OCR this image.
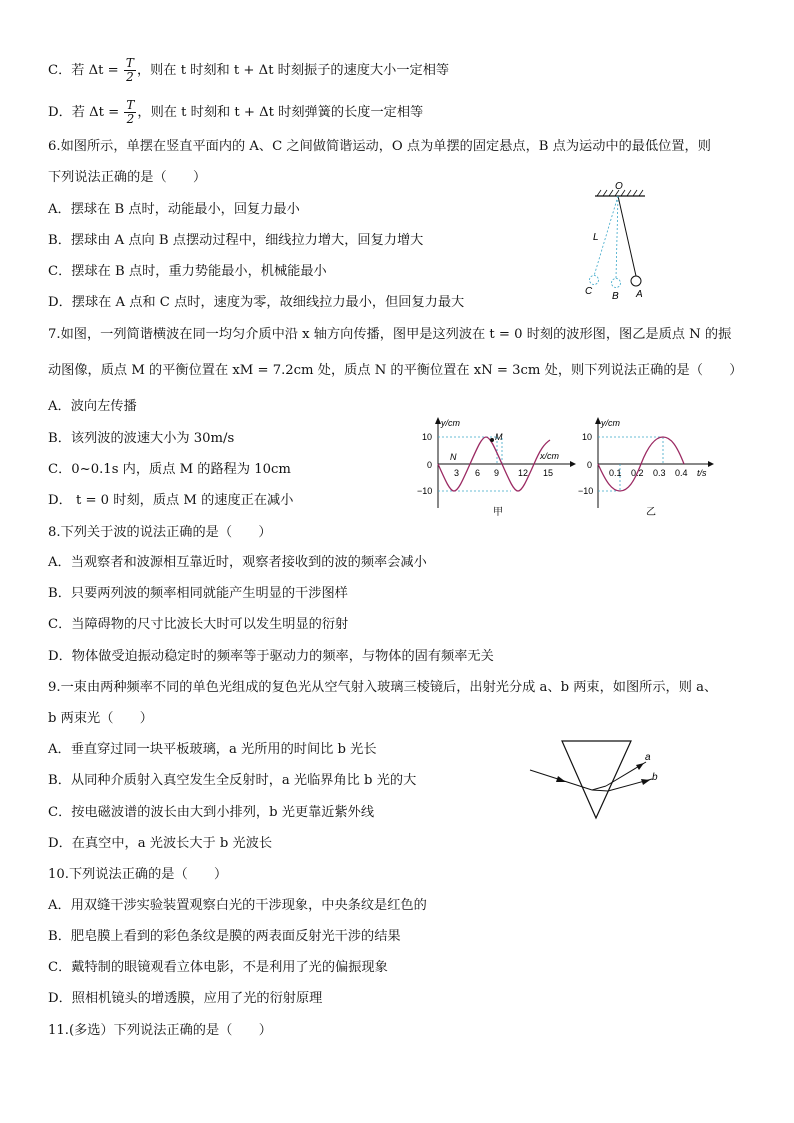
C．若 $\Delta t = \frac{T}{2}$ ，则在 t 时刻和 t + Δt 时刻振子的速度大小一定相等
D．若 $\Delta t = \frac{T}{2}$ ，则在 t 时刻和 t + Δt 时刻弹簧的长度一定相等
6.如图所示，单摆在竖直平面内的 A、C 之间做简谐运动，O 点为单摆的固定悬点，B 点为运动中的最低位置，则
下列说法正确的是（　　）
A．摆球在 B 点时，动能最小，回复力最小
B．摆球由 A 点向 B 点摆动过程中，细线拉力增大，回复力增大
C．摆球在 B 点时，重力势能最小，机械能最小
D．摆球在 A 点和 C 点时，速度为零，故细线拉力最小，但回复力最大
7.如图，一列简谐横波在同一均匀介质中沿 x 轴方向传播，图甲是这列波在 t = 0 时刻的波形图，图乙是质点 N 的振
动图像，质点 M 的平衡位置在 xM = 7.2cm 处，质点 N 的平衡位置在 xN = 3cm 处，则下列说法正确的是（　　）
A．波向左传播
B．该列波的波速大小为 30m/s
C．0~0.1s 内，质点 M 的路程为 10cm
D． t = 0 时刻，质点 M 的速度正在减小
8.下列关于波的说法正确的是（　　）
A．当观察者和波源相互靠近时，观察者接收到的波的频率会减小
B．只要两列波的频率相同就能产生明显的干涉图样
C．当障碍物的尺寸比波长大时可以发生明显的衍射
D．物体做受迫振动稳定时的频率等于驱动力的频率，与物体的固有频率无关
9.一束由两种频率不同的单色光组成的复色光从空气射入玻璃三棱镜后，出射光分成 a、b 两束，如图所示，则 a、
b 两束光（　　）
A．垂直穿过同一块平板玻璃，a 光所用的时间比 b 光长
B．从同种介质射入真空发生全反射时，a 光临界角比 b 光的大
C．按电磁波谱的波长由大到小排列，b 光更靠近紫外线
D．在真空中，a 光波长大于 b 光波长
10.下列说法正确的是（　　）
A．用双缝干涉实验装置观察白光的干涉现象，中央条纹是红色的
B．肥皂膜上看到的彩色条纹是膜的两表面反射光干涉的结果
C．戴特制的眼镜观看立体电影，不是利用了光的偏振现象
D．照相机镜头的增透膜，应用了光的衍射原理
11.(多选）下列说法正确的是（　　）
O
L
A
B
C
y/cm
x/cm
10
0
−10
M
N
3 6 9 12 15
甲
y/cm
t/s
10
0
−10
0.1 0.2 0.3 0.4
乙
a
b
